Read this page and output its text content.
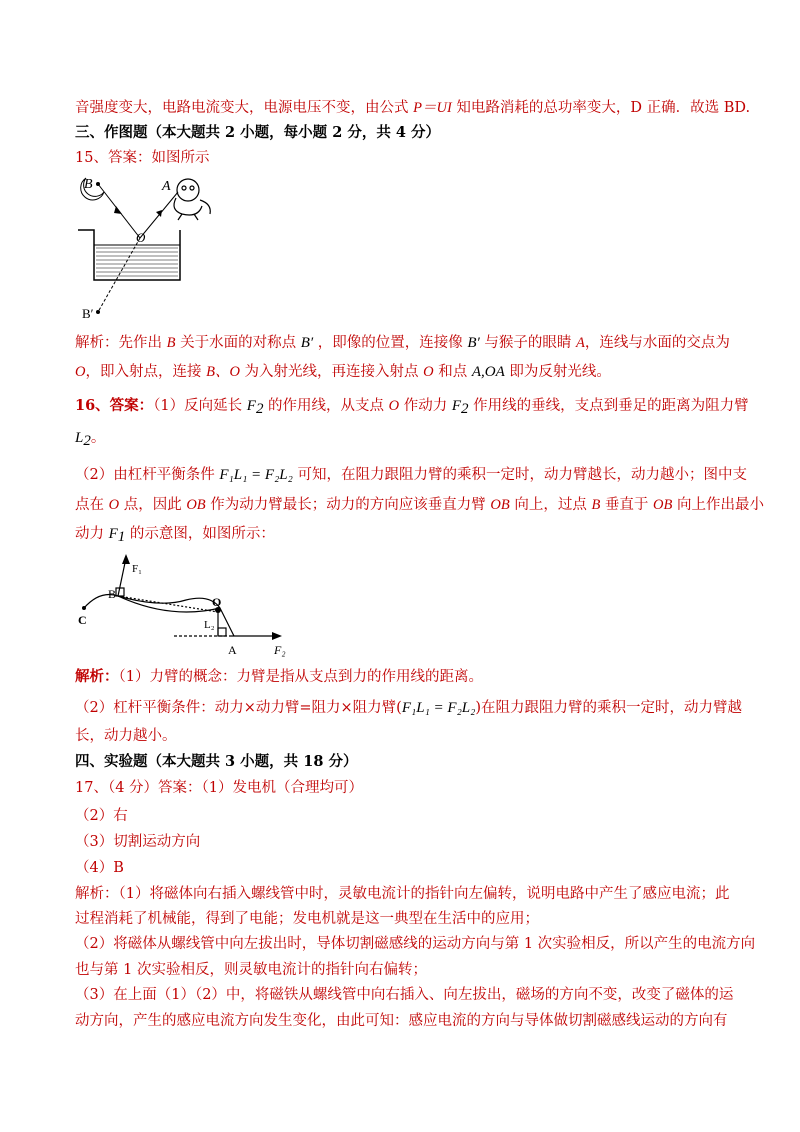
音强度变大，电路电流变大，电源电压不变，由公式 P＝UI 知电路消耗的总功率变大，D 正确．故选 BD.
三、作图题（本大题共 2 小题，每小题 2 分，共 4 分）
15、答案：如图所示
B	A
O
B′
解析：先作出 B 关于水面的对称点 B′ ，即像的位置，连接像 B′ 与猴子的眼睛 A，连线与水面的交点为
O，即入射点，连接 B、O 为入射光线，再连接入射点 O 和点 A,OA 即为反射光线。
16、答案：（1）反向延长 $F_2$ 的作用线，从支点 O 作动力 $F_2$ 作用线的垂线，支点到垂足的距离为阻力臂
$L_2$。
（2）由杠杆平衡条件 F₁L₁ = F₂L₂ 可知，在阻力跟阻力臂的乘积一定时，动力臂越长，动力越小；图中支
点在 O 点，因此 OB 作为动力臂最长；动力的方向应该垂直力臂 OB 向上，过点 B 垂直于 OB 向上作出最小
动力 $F_1$ 的示意图，如图所示：
F₁
B
O
L₂
C
A	F₂
解析：（1）力臂的概念：力臂是指从支点到力的作用线的距离。
（2）杠杆平衡条件：动力×动力臂=阻力×阻力臂(F₁L₁ = F₂L₂)在阻力跟阻力臂的乘积一定时，动力臂越
长，动力越小。
四、实验题（本大题共 3 小题，共 18 分）
17、（4 分）答案：（1）发电机（合理均可）
（2）右
（3）切割运动方向
（4）B
解析：（1）将磁体向右插入螺线管中时，灵敏电流计的指针向左偏转，说明电路中产生了感应电流；此
过程消耗了机械能，得到了电能；发电机就是这一典型在生活中的应用；
（2）将磁体从螺线管中向左拔出时，导体切割磁感线的运动方向与第 1 次实验相反，所以产生的电流方向
也与第 1 次实验相反，则灵敏电流计的指针向右偏转；
（3）在上面（1）（2）中，将磁铁从螺线管中向右插入、向左拔出，磁场的方向不变，改变了磁体的运
动方向，产生的感应电流方向发生变化，由此可知：感应电流的方向与导体做切割磁感线运动的方向有
